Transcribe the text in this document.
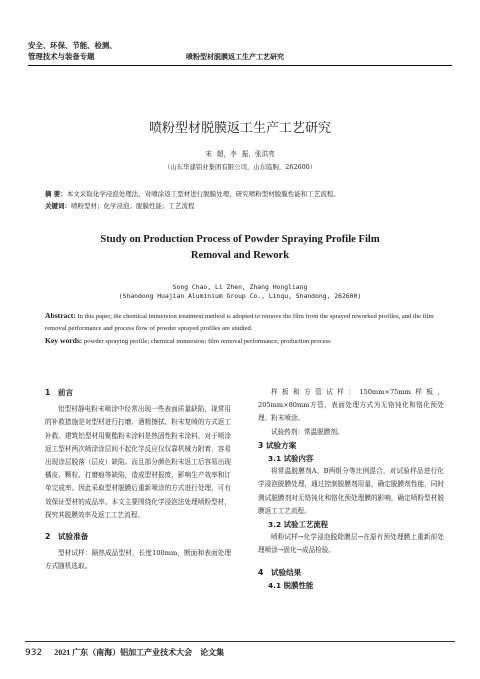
安全、环保、节能、检测、
管理技术与装备专题	喷粉型材脱膜返工生产工艺研究
喷粉型材脱膜返工生产工艺研究
宋 超，李 振，张洪亮
（山东华建铝业集团有限公司，山东临朐，262600）
摘 要：本文采取化学浸泡处理法，对喷涂返工型材进行脱膜处理，研究喷粉型材脱膜性能和工艺流程。
关键词：喷粉型材；化学浸泡；脱膜性能；工艺流程
Study on Production Process of Powder Spraying Profile Film
Removal and Rework
Song Chao, Li Zhen, Zhang Hongliang
(Shandong Huajian Aluminium Group Co., Linqu, Shandong, 262600)
Abstract: In this paper, the chemical immersion treatment method is adopted to remove the film from the sprayed reworked profiles, and the film removal performance and process flow of powder sprayed profiles are studied.
Key words: powder spraying profile; chemical immersion; film removal performance; production process

1　前言

铝型材静电粉末喷涂中经常出现一些表面质量缺陷，现常用的补救措施是对型材进行打磨、酒精擦拭、粉末复喷的方式返工补救。建筑铝型材用聚酯粉末涂料是热固性粉末涂料，对于喷涂返工型材两次喷涂涂层间不起化学反应仅仅靠机械力附着，容易出现涂层脱落（层皮）缺陷。而且部分颜色粉末返工后容易出现橘皮、颗粒、打磨痕等缺陷，造成型材报废，影响生产效率和订单完成率。因此采取型材脱膜后重新喷涂的方式进行处理，可有效保证型材的成品率。本文主要围绕化学浸泡法处理喷粉型材，探究其脱膜效率及返工工艺流程。

2　试验准备

型材试样：隔热成品型材，长度100mm，断面和表面处理方式随机选取。

样板和方管试样：150mm×75mm样板，205mm×80mm方管，表面处理方式为无铬钝化和铬化预处理、粉末喷涂。

试验药剂：常温脱膜剂。

3 试验方案

3.1 试验内容

将常温脱膜剂A、B两组分等比例混合，对试验样品进行化学浸泡脱膜处理，通过控制脱膜剂用量，确定脱膜剂性能，同时测试脱膜剂对无铬钝化和铬化预处理膜的影响，确定喷粉型材脱膜返工工艺流程。

3.2 试验工艺流程

喷粉试样→化学浸泡脱除膜层→在原有预处理膜上重新前处理喷涂→固化→成品检验。

4　试验结果

4.1 脱膜性能

932 2021 广东（南海）铝加工产业技术大会　论文集
